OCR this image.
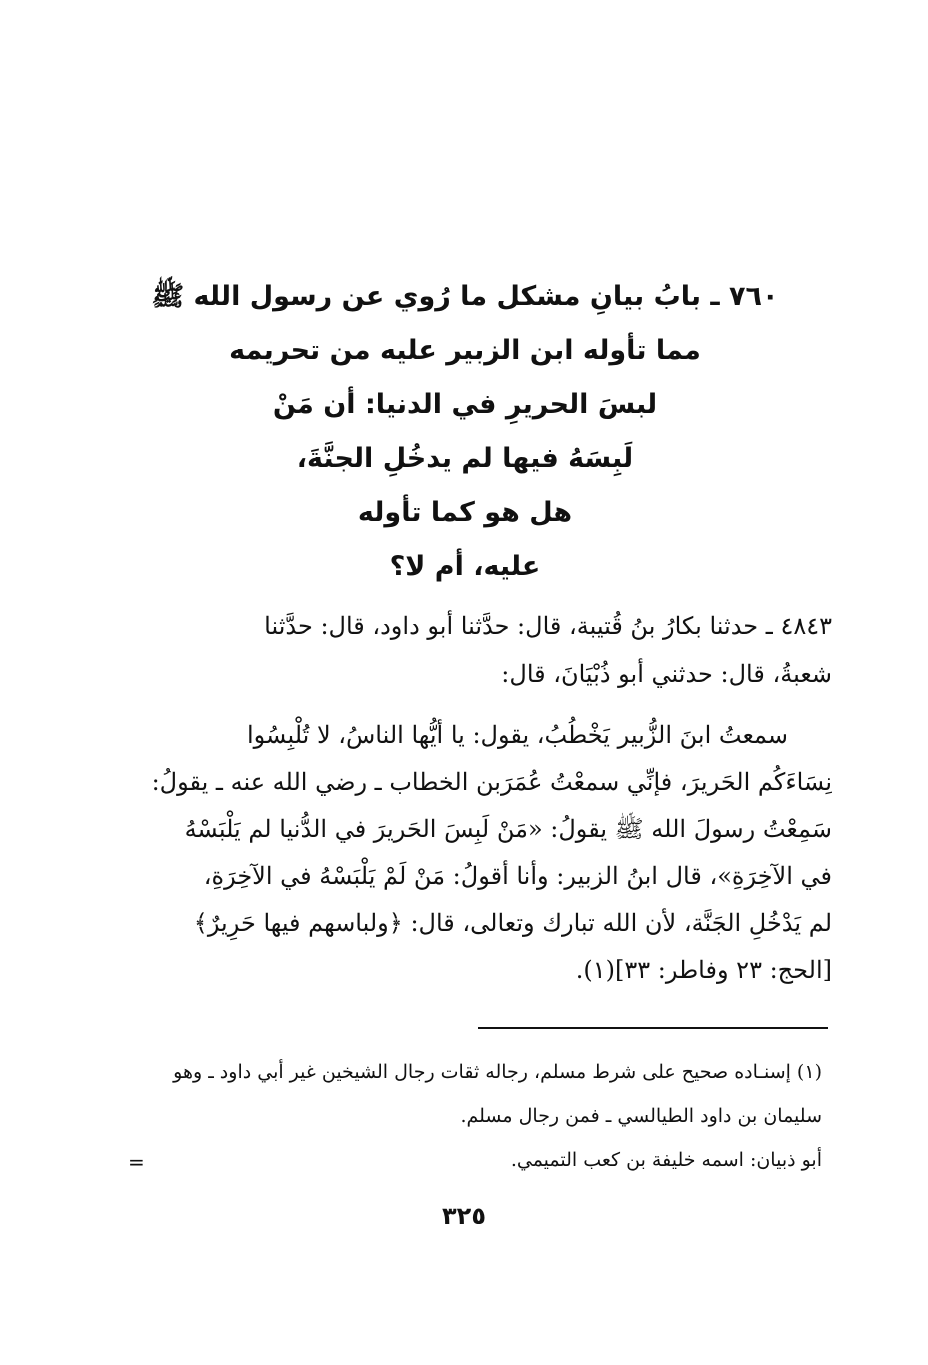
٧٦٠ ـ بابُ بيانِ مشكل ما رُوي عن رسول الله ﷺ
مما تأوله ابن الزبير عليه من تحريمه
لبسَ الحريرِ في الدنيا: أن مَنْ
لَبِسَهُ فيها لم يدخُلِ الجنَّةَ،
هل هو كما تأوله
عليه، أم لا؟
٤٨٤٣ ـ حدثنا بكارُ بنُ قُتيبة، قال: حدَّثنا أبو داود، قال: حدَّثنا
شعبةُ، قال: حدثني أبو ذُبْيَانَ، قال:
سمعتُ ابنَ الزُّبير يَخْطُبُ، يقول: يا أيُّها الناسُ، لا تُلْبِسُوا
نِسَاءَكُم الحَريرَ، فإنِّي سمعْتُ عُمَرَبن الخطاب ـ رضي الله عنه ـ يقولُ:
سَمِعْتُ رسولَ الله ﷺ يقولُ: «مَنْ لَبِسَ الحَريرَ في الدُّنيا لم يَلْبَسْهُ
في الآخِرَةِ»، قال ابنُ الزبير: وأنا أقولُ: مَنْ لَمْ يَلْبَسْهُ في الآخِرَةِ،
لم يَدْخُلِ الجَنَّة، لأن الله تبارك وتعالى، قال: ﴿ولباسهم فيها حَرِيرٌ﴾
[الحج: ٢٣ وفاطر: ٣٣](١).
(١) إسنـاده صحيح على شرط مسلم، رجاله ثقات رجال الشيخين غير أبي داود ـ وهو
سليمان بن داود الطيالسي ـ فمن رجال مسلم.
أبو ذبيان: اسمه خليفة بن كعب التميمي.
=
٣٢٥
